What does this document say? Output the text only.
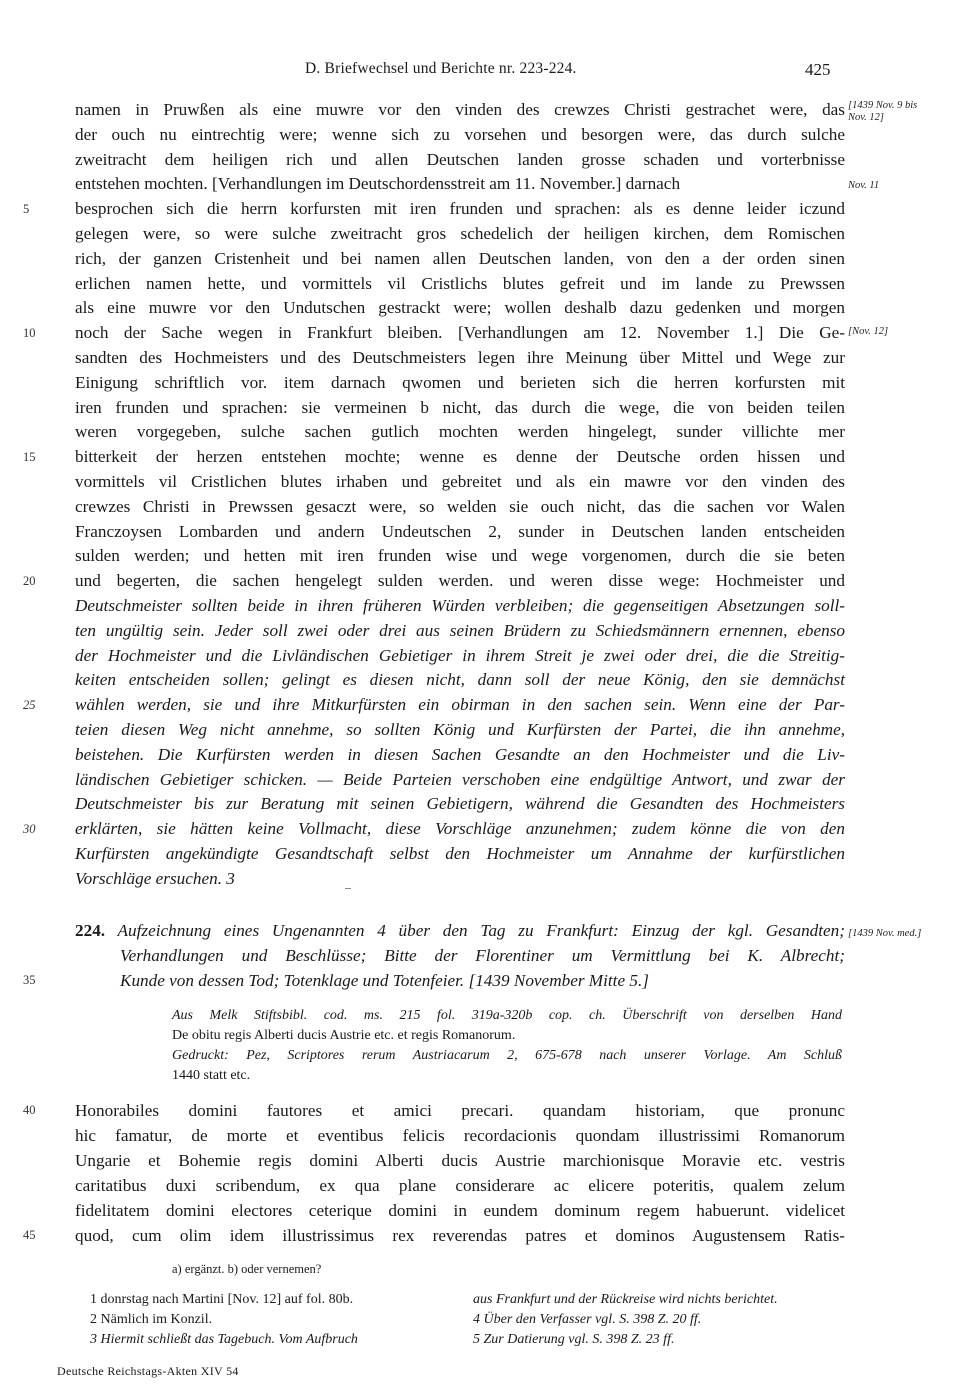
D. Briefwechsel und Berichte nr. 223-224.	425
namen in Pruwßen als eine muwre vor den vinden des crewzes Christi gestrachet were, das
der ouch nu eintrechtig were; wenne sich zu vorsehen und besorgen were, das durch sulche
zweitracht dem heiligen rich und allen Deutschen landen grosse schaden und vorterbnisse
entstehen mochten. [Verhandlungen im Deutschordensstreit am 11. November.] darnach
5	besprochen sich die herrn korfursten mit iren frunden und sprachen: als es denne leider iczund
gelegen were, so were sulche zweitracht gros schedelich der heiligen kirchen, dem Romischen
rich, der ganzen Cristenheit und bei namen allen Deutschen landen, von den a der orden sinen
erlichen namen hette, und vormittels vil Cristlichs blutes gefreit und im lande zu Prewssen
als eine muwre vor den Undutschen gestrackt were; wollen deshalb dazu gedenken und morgen
10	noch der Sache wegen in Frankfurt bleiben. [Verhandlungen am 12. November 1.] Die Ge-
sandten des Hochmeisters und des Deutschmeisters legen ihre Meinung über Mittel und Wege zur
Einigung schriftlich vor. item darnach qwomen und berieten sich die herren korfursten mit
iren frunden und sprachen: sie vermeinen b nicht, das durch die wege, die von beiden teilen
weren vorgegeben, sulche sachen gutlich mochten werden hingelegt, sunder villichte mer
15	bitterkeit der herzen entstehen mochte; wenne es denne der Deutsche orden hissen und
vormittels vil Cristlichen blutes irhaben und gebreitet und als ein mawre vor den vinden des
crewzes Christi in Prewssen gesaczt were, so welden sie ouch nicht, das die sachen vor Walen
Franczoysen Lombarden und andern Undeutschen 2, sunder in Deutschen landen entscheiden
sulden werden; und hetten mit iren frunden wise und wege vorgenomen, durch die sie beten
20	und begerten, die sachen hengelegt sulden werden. und weren disse wege: Hochmeister und
Deutschmeister sollten beide in ihren früheren Würden verbleiben; die gegenseitigen Absetzungen soll-
ten ungültig sein. Jeder soll zwei oder drei aus seinen Brüdern zu Schiedsmännern ernennen, ebenso
der Hochmeister und die Livländischen Gebietiger in ihrem Streit je zwei oder drei, die die Streitig-
keiten entscheiden sollen; gelingt es diesen nicht, dann soll der neue König, den sie demnächst
25	wählen werden, sie und ihre Mitkurfürsten ein obirman in den sachen sein. Wenn eine der Par-
teien diesen Weg nicht annehme, so sollten König und Kurfürsten der Partei, die ihn annehme,
beistehen. Die Kurfürsten werden in diesen Sachen Gesandte an den Hochmeister und die Liv-
ländischen Gebietiger schicken. — Beide Parteien verschoben eine endgültige Antwort, und zwar der
Deutschmeister bis zur Beratung mit seinen Gebietigern, während die Gesandten des Hochmeisters
30	erklärten, sie hätten keine Vollmacht, diese Vorschläge anzunehmen; zudem könne die von den
Kurfürsten angekündigte Gesandtschaft selbst den Hochmeister um Annahme der kurfürstlichen
Vorschläge ersuchen. 3
[1439 Nov. 9 bis Nov. 12]
Nov. 11
[Nov. 12]
[1439 Nov. med.]
224. Aufzeichnung eines Ungenannten 4 über den Tag zu Frankfurt: Einzug der kgl. Gesandten;
Verhandlungen und Beschlüsse; Bitte der Florentiner um Vermittlung bei K. Albrecht;
35	Kunde von dessen Tod; Totenklage und Totenfeier. [1439 November Mitte 5.]
Aus Melk Stiftsbibl. cod. ms. 215 fol. 319a-320b cop. ch. Überschrift von derselben Hand
De obitu regis Alberti ducis Austrie etc. et regis Romanorum.
Gedruckt: Pez, Scriptores rerum Austriacarum 2, 675-678 nach unserer Vorlage. Am Schluß
1440 statt etc.
40	Honorabiles domini fautores et amici precari. quandam historiam, que pronunc
hic famatur, de morte et eventibus felicis recordacionis quondam illustrissimi Romanorum
Ungarie et Bohemie regis domini Alberti ducis Austrie marchionisque Moravie etc. vestris
caritatibus duxi scribendum, ex qua plane considerare ac elicere poteritis, qualem zelum
fidelitatem domini electores ceterique domini in eundem dominum regem habuerunt. videlicet
45	quod, cum olim idem illustrissimus rex reverendas patres et dominos Augustensem Ratis-
a) ergänzt. b) oder vernemen?
1 donrstag nach Martini [Nov. 12] auf fol. 80b.
2 Nämlich im Konzil.
3 Hiermit schließt das Tagebuch. Vom Aufbruch
aus Frankfurt und der Rückreise wird nichts berichtet.
4 Über den Verfasser vgl. S. 398 Z. 20 ff.
5 Zur Datierung vgl. S. 398 Z. 23 ff.
Deutsche Reichstags-Akten XIV 54
